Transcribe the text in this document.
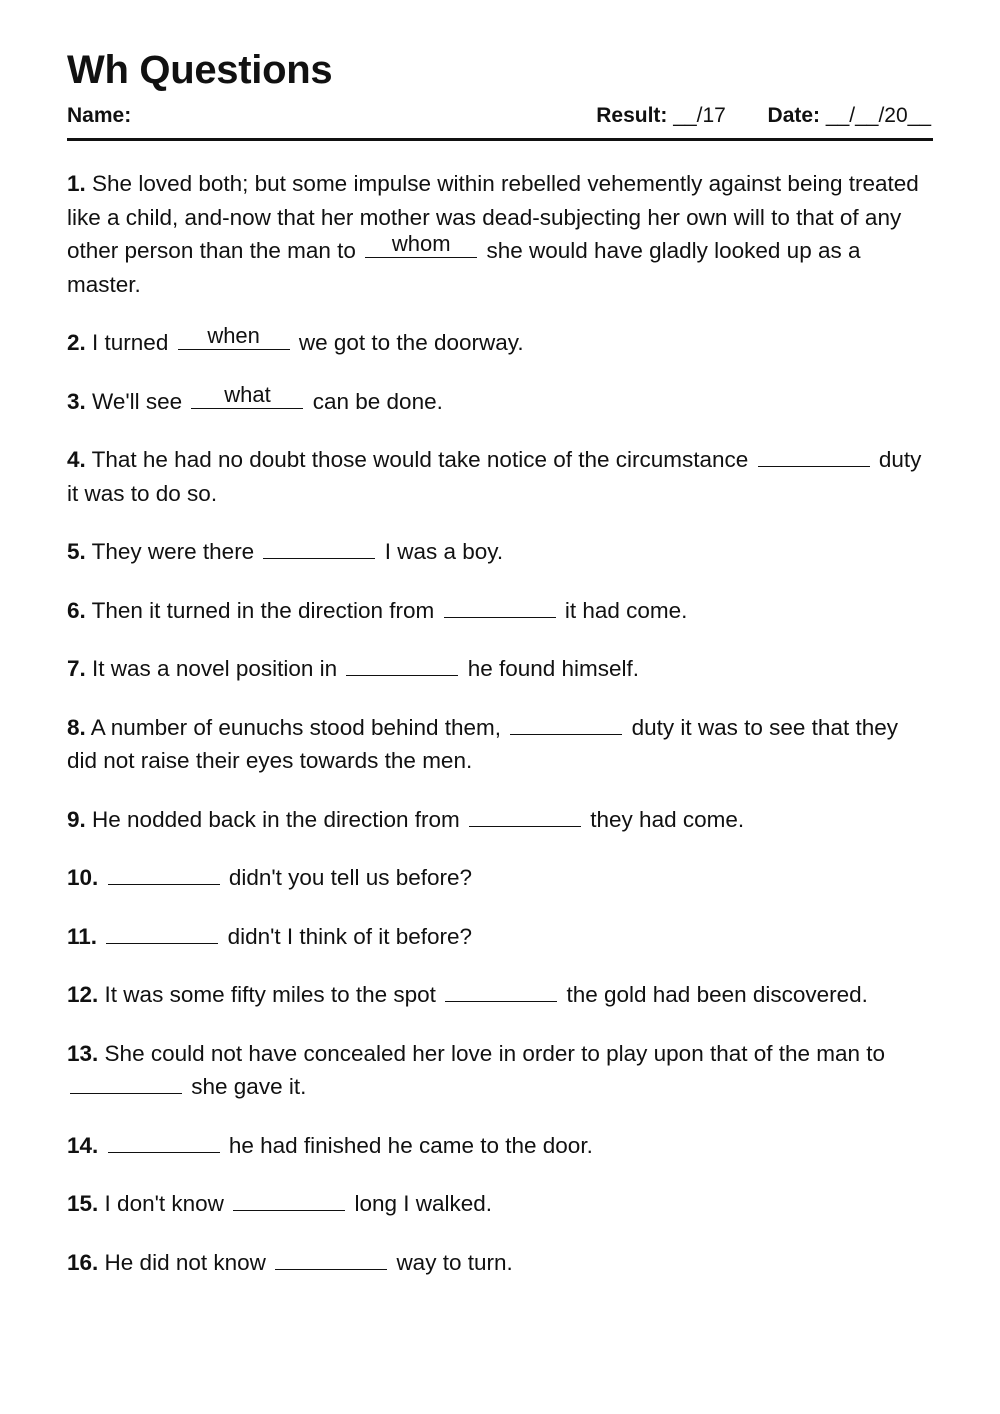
Wh Questions
Name:	Result: __/17 Date: __/__/20__

1. She loved both; but some impulse within rebelled vehemently against being treated like a child, and-now that her mother was dead-subjecting her own will to that of any other person than the man to	whom	she would have gladly looked up as a master.

2. I turned	when	we got to the doorway.

3. We'll see	what	can be done.

4. That he had no doubt those would take notice of the circumstance	duty it was to do so.

5. They were there	I was a boy.

6. Then it turned in the direction from	it had come.

7. It was a novel position in	he found himself.

8. A number of eunuchs stood behind them,	duty it was to see that they did not raise their eyes towards the men.

9. He nodded back in the direction from	they had come.

10.	didn't you tell us before?

11.	didn't I think of it before?

12. It was some fifty miles to the spot	the gold had been discovered.

13. She could not have concealed her love in order to play upon that of the man to
she gave it.

14.	he had finished he came to the door.

15. I don't know	long I walked.

16. He did not know	way to turn.
